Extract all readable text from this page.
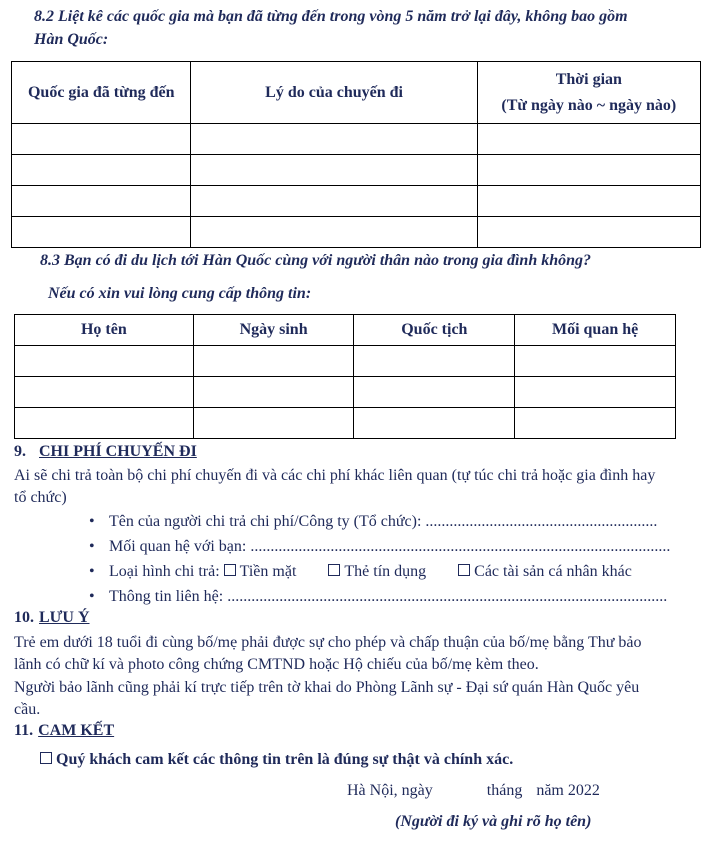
8.2 Liệt kê các quốc gia mà bạn đã từng đến trong vòng 5 năm trở lại đây, không bao gồm
Hàn Quốc:
Quốc gia đã từng đến	Lý do của chuyến đi	Thời gian
(Từ ngày nào ~ ngày nào)

8.3 Bạn có đi du lịch tới Hàn Quốc cùng với người thân nào trong gia đình không?
Nếu có xin vui lòng cung cấp thông tin:
Họ tên	Ngày sinh	Quốc tịch	Mối quan hệ

9. CHI PHÍ CHUYẾN ĐI
Ai sẽ chi trả toàn bộ chi phí chuyến đi và các chi phí khác liên quan (tự túc chi trả hoặc gia đình hay
tổ chức)
• Tên của người chi trả chi phí/Công ty (Tổ chức): ..........................................................
• Mối quan hệ với bạn: .........................................................................................................
• Loại hình chi trả: Tiền mặt	Thẻ tín dụng	Các tài sản cá nhân khác
• Thông tin liên hệ: ..............................................................................................................
10. LƯU Ý
Trẻ em dưới 18 tuổi đi cùng bố/mẹ phải được sự cho phép và chấp thuận của bố/mẹ bằng Thư bảo
lãnh có chữ kí và photo công chứng CMTND hoặc Hộ chiếu của bố/mẹ kèm theo.
Người bảo lãnh cũng phải kí trực tiếp trên tờ khai do Phòng Lãnh sự - Đại sứ quán Hàn Quốc yêu
cầu.
11. CAM KẾT
Quý khách cam kết các thông tin trên là đúng sự thật và chính xác.
Hà Nội, ngày	tháng năm 2022
(Người đi ký và ghi rõ họ tên)
